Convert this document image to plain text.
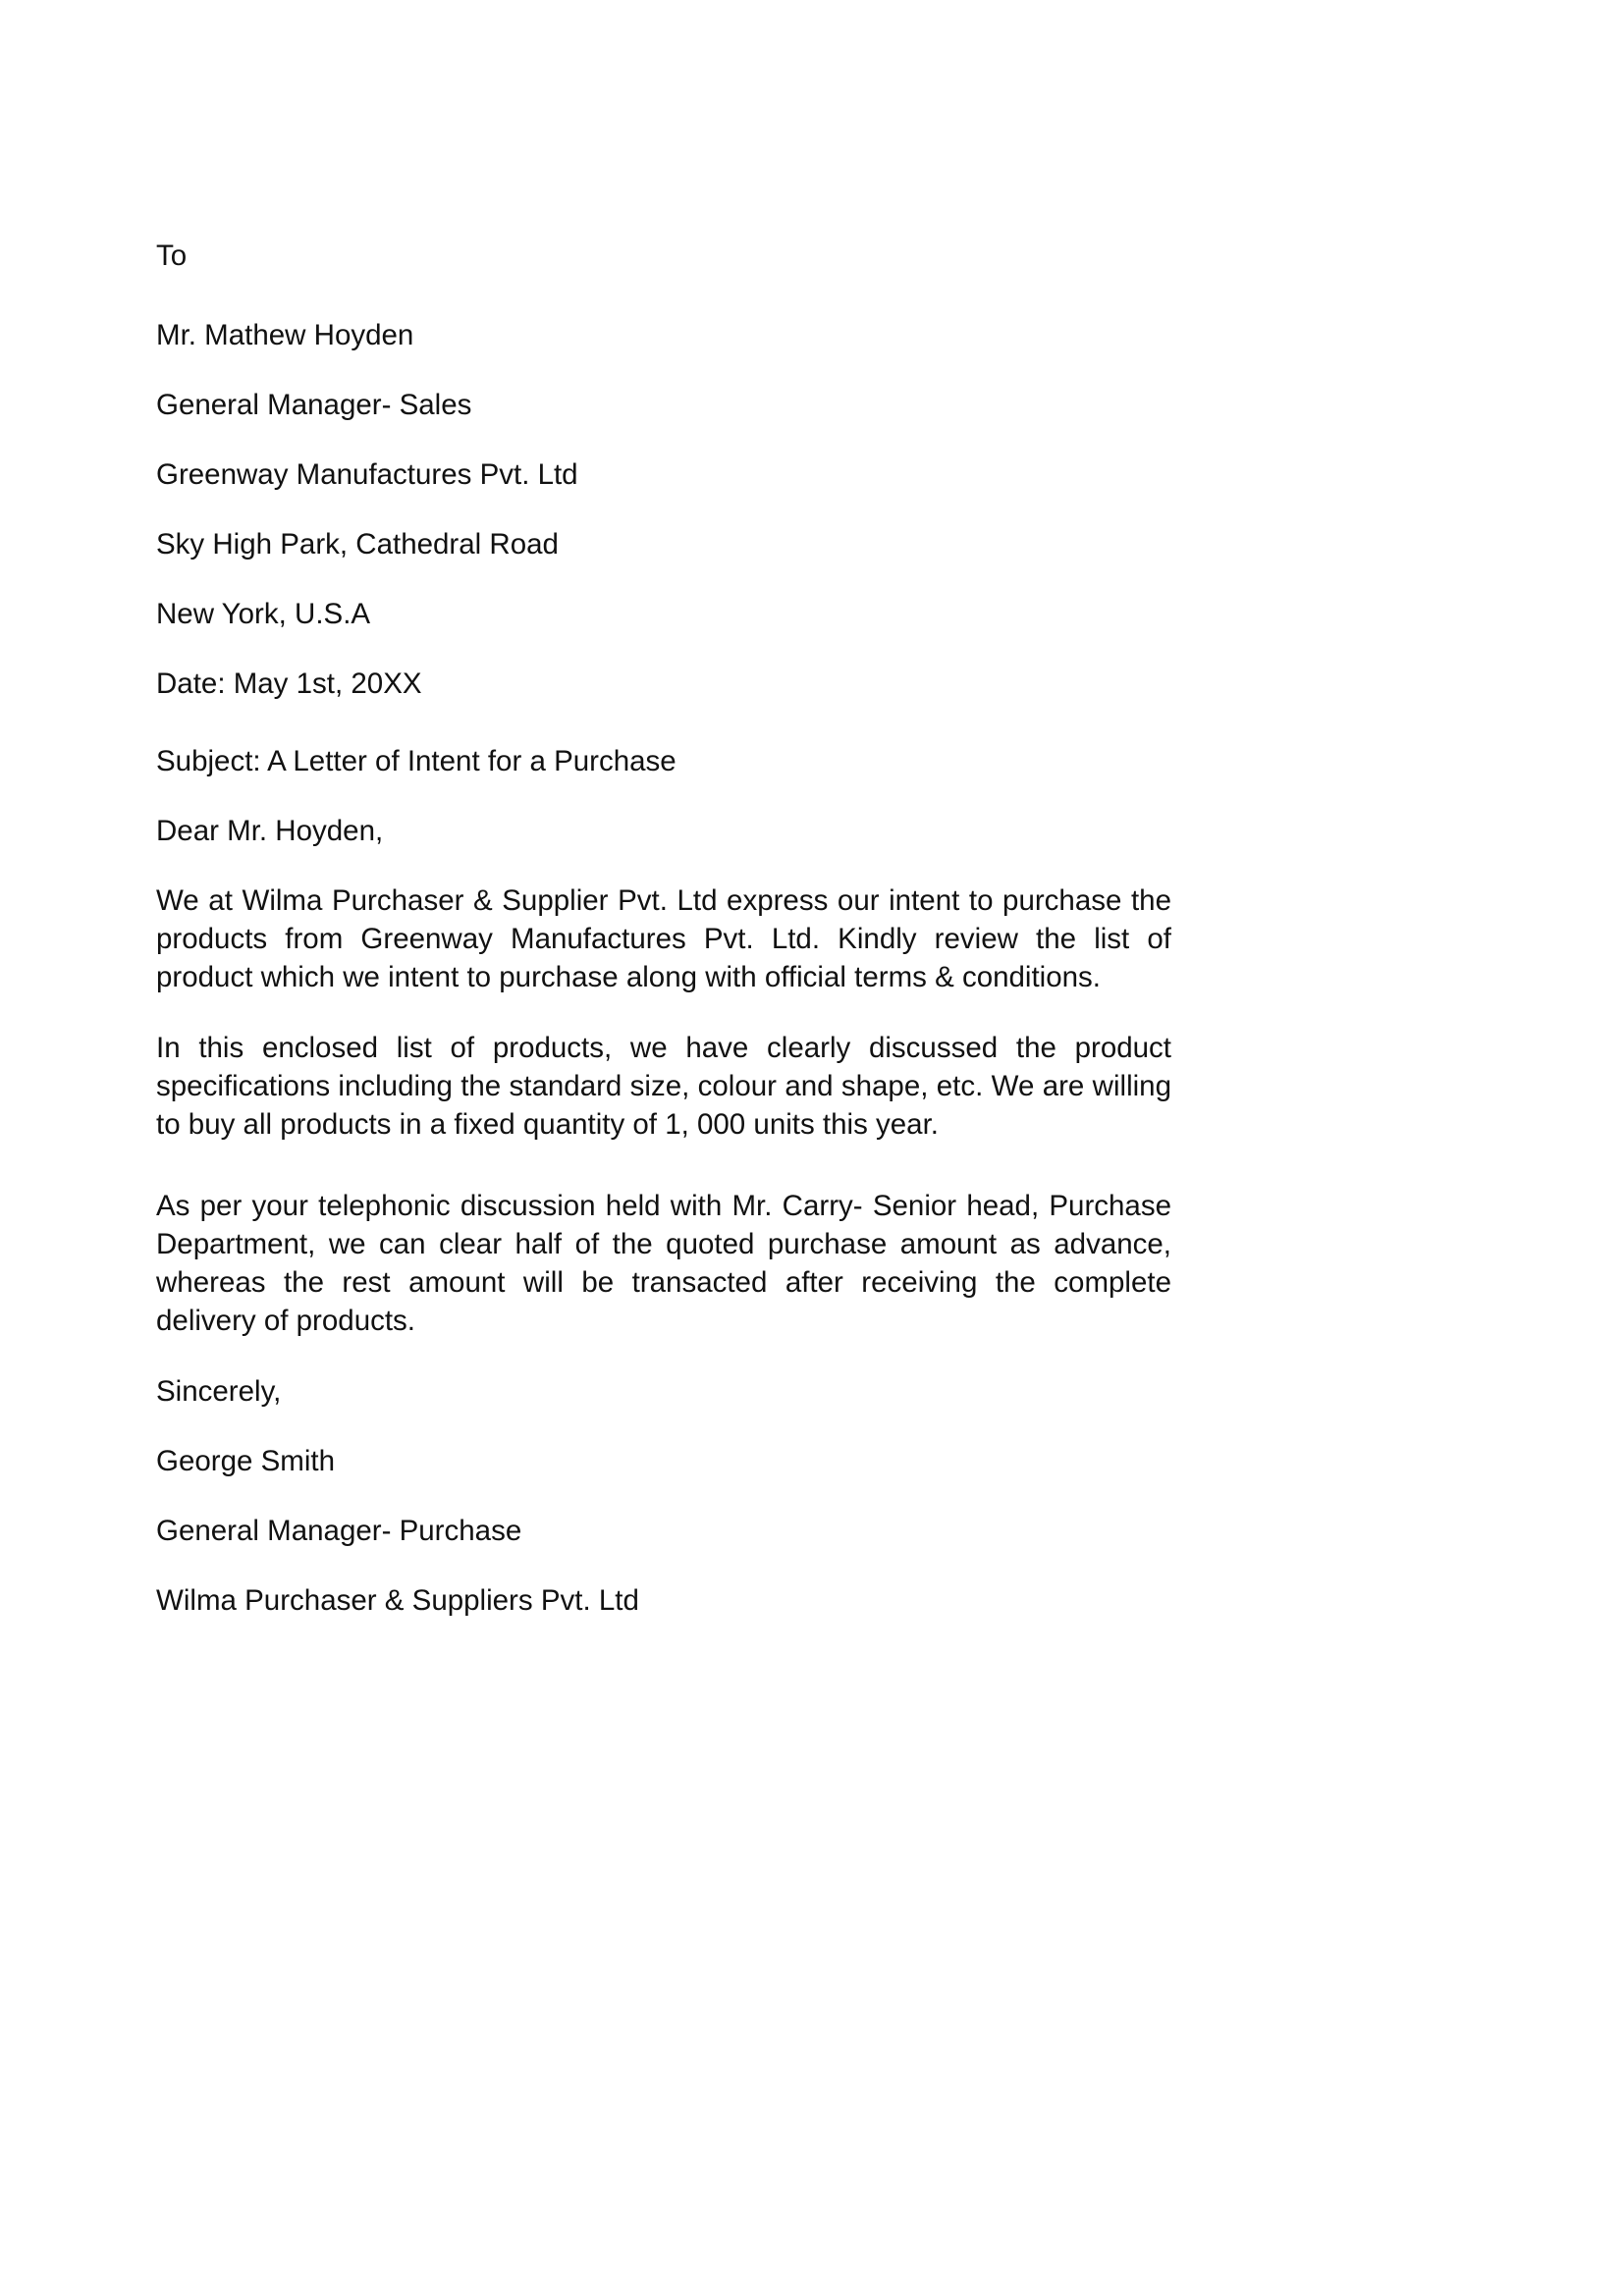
To
Mr. Mathew Hoyden
General Manager- Sales
Greenway Manufactures Pvt. Ltd
Sky High Park, Cathedral Road
New York, U.S.A
Date: May 1st, 20XX
Subject: A Letter of Intent for a Purchase
Dear Mr. Hoyden,
We at Wilma Purchaser & Supplier Pvt. Ltd express our intent to purchase the products from Greenway Manufactures Pvt. Ltd. Kindly review the list of product which we intent to purchase along with official terms & conditions.
In this enclosed list of products, we have clearly discussed the product specifications including the standard size, colour and shape, etc. We are willing to buy all products in a fixed quantity of 1, 000 units this year.
As per your telephonic discussion held with Mr. Carry- Senior head, Purchase Department, we can clear half of the quoted purchase amount as advance, whereas the rest amount will be transacted after receiving the complete delivery of products.
Sincerely,
George Smith
General Manager- Purchase
Wilma Purchaser & Suppliers Pvt. Ltd
